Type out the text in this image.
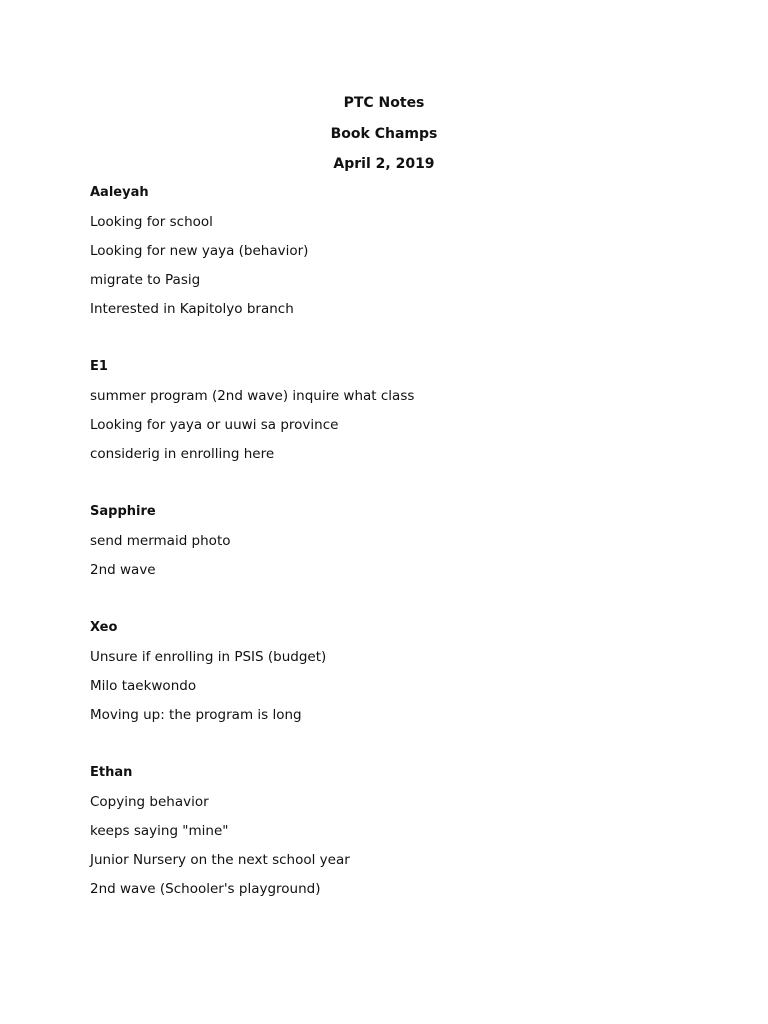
PTC Notes
Book Champs
April 2, 2019
Aaleyah
Looking for school
Looking for new yaya (behavior)
migrate to Pasig
Interested in Kapitolyo branch
E1
summer program (2nd wave) inquire what class
Looking for yaya or uuwi sa province
considerig in enrolling here
Sapphire
send mermaid photo
2nd wave
Xeo
Unsure if enrolling in PSIS (budget)
Milo taekwondo
Moving up: the program is long
Ethan
Copying behavior
keeps saying "mine"
Junior Nursery on the next school year
2nd wave (Schooler's playground)
